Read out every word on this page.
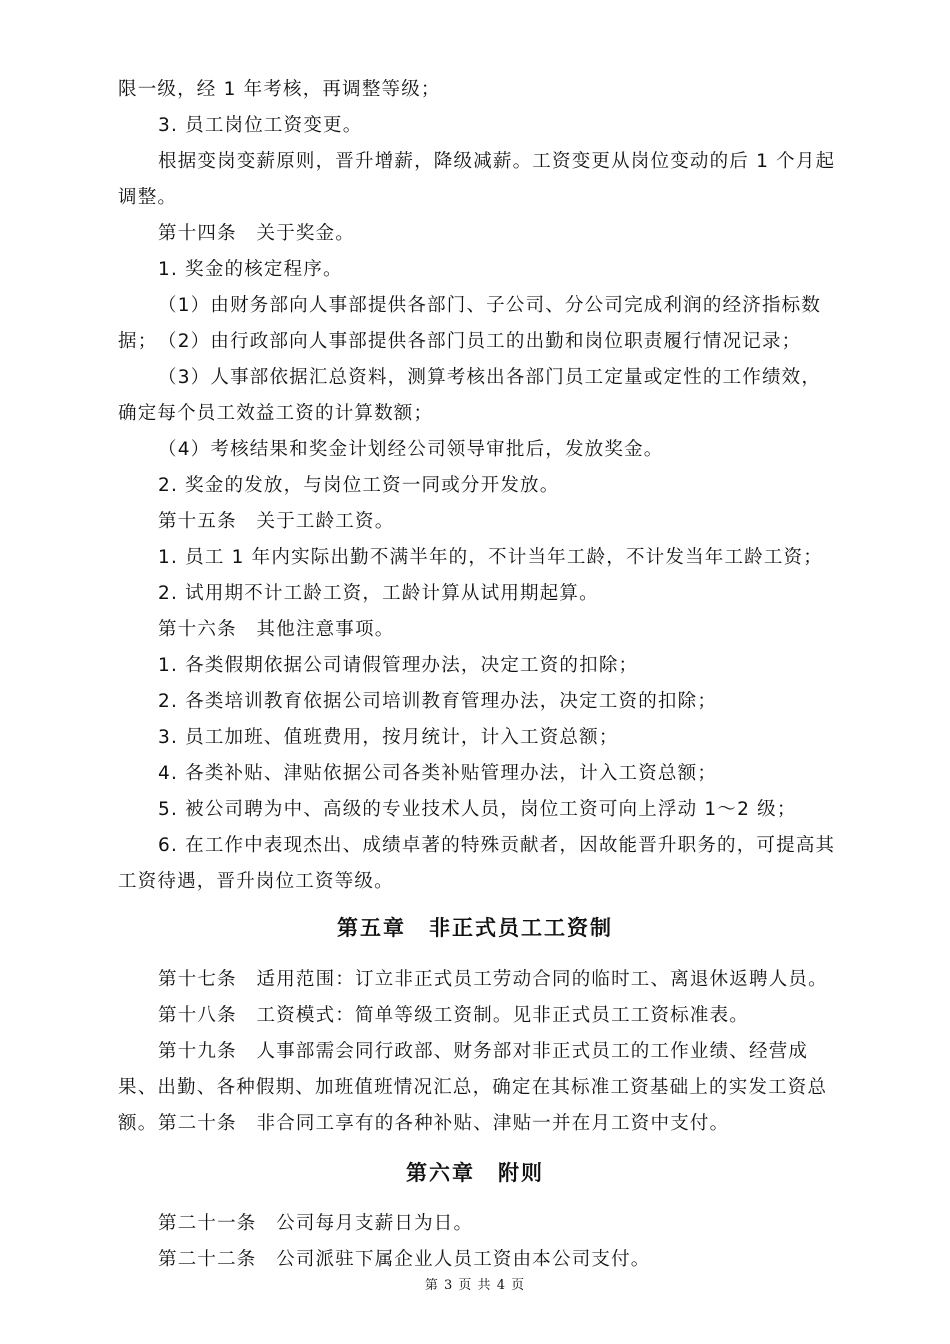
限一级，经 1 年考核，再调整等级；

3. 员工岗位工资变更。

根据变岗变薪原则，晋升增薪，降级减薪。工资变更从岗位变动的后 1 个月起调整。

第十四条　关于奖金。

1. 奖金的核定程序。

（1）由财务部向人事部提供各部门、子公司、分公司完成利润的经济指标数据； （2）由行政部向人事部提供各部门员工的出勤和岗位职责履行情况记录；

（3）人事部依据汇总资料，测算考核出各部门员工定量或定性的工作绩效，确定每个员工效益工资的计算数额；

（4）考核结果和奖金计划经公司领导审批后，发放奖金。

2. 奖金的发放，与岗位工资一同或分开发放。

第十五条　关于工龄工资。

1. 员工 1 年内实际出勤不满半年的，不计当年工龄，不计发当年工龄工资；

2. 试用期不计工龄工资，工龄计算从试用期起算。

第十六条　其他注意事项。

1. 各类假期依据公司请假管理办法，决定工资的扣除；

2. 各类培训教育依据公司培训教育管理办法，决定工资的扣除；

3. 员工加班、值班费用，按月统计，计入工资总额；

4. 各类补贴、津贴依据公司各类补贴管理办法，计入工资总额；

5. 被公司聘为中、高级的专业技术人员，岗位工资可向上浮动 1～2 级；

6. 在工作中表现杰出、成绩卓著的特殊贡献者，因故能晋升职务的，可提高其工资待遇，晋升岗位工资等级。

第五章　非正式员工工资制

第十七条　适用范围：订立非正式员工劳动合同的临时工、离退休返聘人员。

第十八条　工资模式：简单等级工资制。见非正式员工工资标准表。

第十九条　人事部需会同行政部、财务部对非正式员工的工作业绩、经营成果、出勤、各种假期、加班值班情况汇总，确定在其标准工资基础上的实发工资总额。 第二十条　非合同工享有的各种补贴、津贴一并在月工资中支付。

第六章　附则

第二十一条　公司每月支薪日为日。

第二十二条　公司派驻下属企业人员工资由本公司支付。

第 3 页 共 4 页
